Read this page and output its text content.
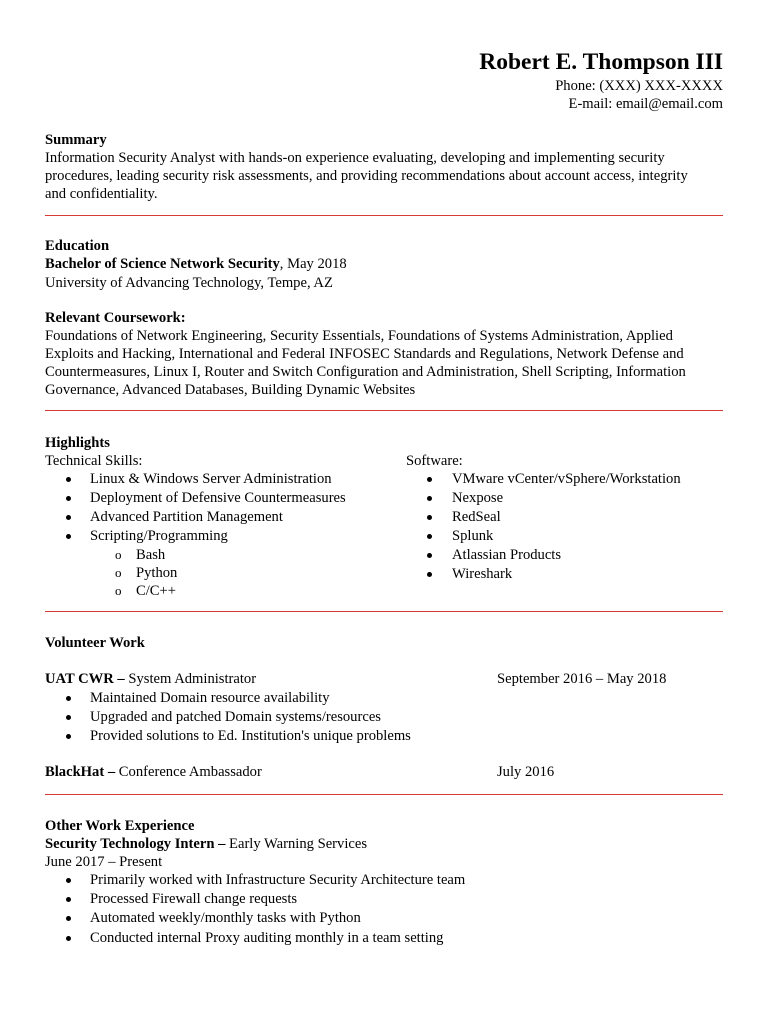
Robert E. Thompson III
Phone: (XXX) XXX-XXXX
E-mail: email@email.com
Summary
Information Security Analyst with hands-on experience evaluating, developing and implementing security
procedures, leading security risk assessments, and providing recommendations about account access, integrity
and confidentiality.
Education
Bachelor of Science Network Security, May 2018
University of Advancing Technology, Tempe, AZ
Relevant Coursework:
Foundations of Network Engineering, Security Essentials, Foundations of Systems Administration, Applied
Exploits and Hacking, International and Federal INFOSEC Standards and Regulations, Network Defense and
Countermeasures, Linux I, Router and Switch Configuration and Administration, Shell Scripting, Information
Governance, Advanced Databases, Building Dynamic Websites
Highlights
Technical Skills:	Software:
Linux & Windows Server Administration
Deployment of Defensive Countermeasures
Advanced Partition Management
Scripting/Programming
o Bash
o Python
o C/C++
VMware vCenter/vSphere/Workstation
Nexpose
RedSeal
Splunk
Atlassian Products
Wireshark
Volunteer Work
UAT CWR – System Administrator	September 2016 – May 2018
Maintained Domain resource availability
Upgraded and patched Domain systems/resources
Provided solutions to Ed. Institution's unique problems
BlackHat – Conference Ambassador	July 2016
Other Work Experience
Security Technology Intern – Early Warning Services
June 2017 – Present
Primarily worked with Infrastructure Security Architecture team
Processed Firewall change requests
Automated weekly/monthly tasks with Python
Conducted internal Proxy auditing monthly in a team setting
